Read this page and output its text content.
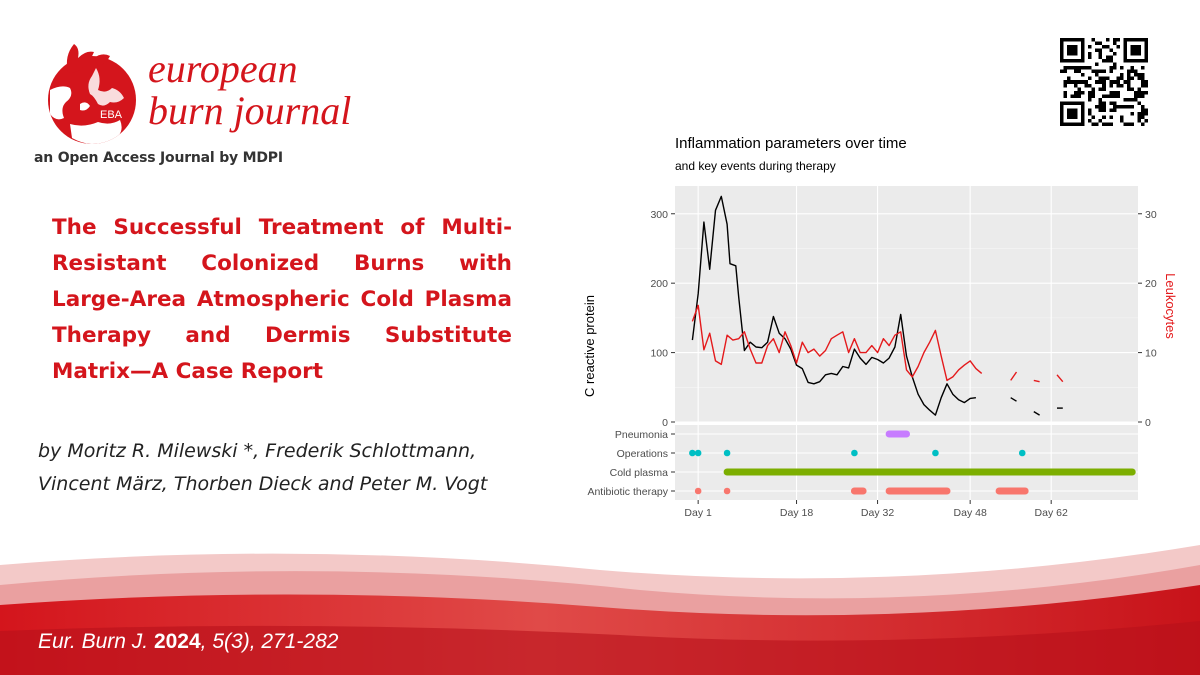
EBA
european
burn journal
an Open Access Journal by MDPI
The Successful Treatment of Multi-Resistant Colonized Burns with Large-Area Atmospheric Cold Plasma Therapy and Dermis Substitute Matrix—A Case Report
by Moritz R. Milewski *, Frederik Schlottmann, Vincent März, Thorben Dieck and Peter M. Vogt
Inflammation parameters over time
and key events during therapy
C reactive protein	Leukocytes
0
100
200
300
0
10
20
30
Pneumonia
Operations
Cold plasma
Antibiotic therapy
Day 1	Day 18	Day 32	Day 48	Day 62
Eur. Burn J. 2024, 5(3), 271-282
